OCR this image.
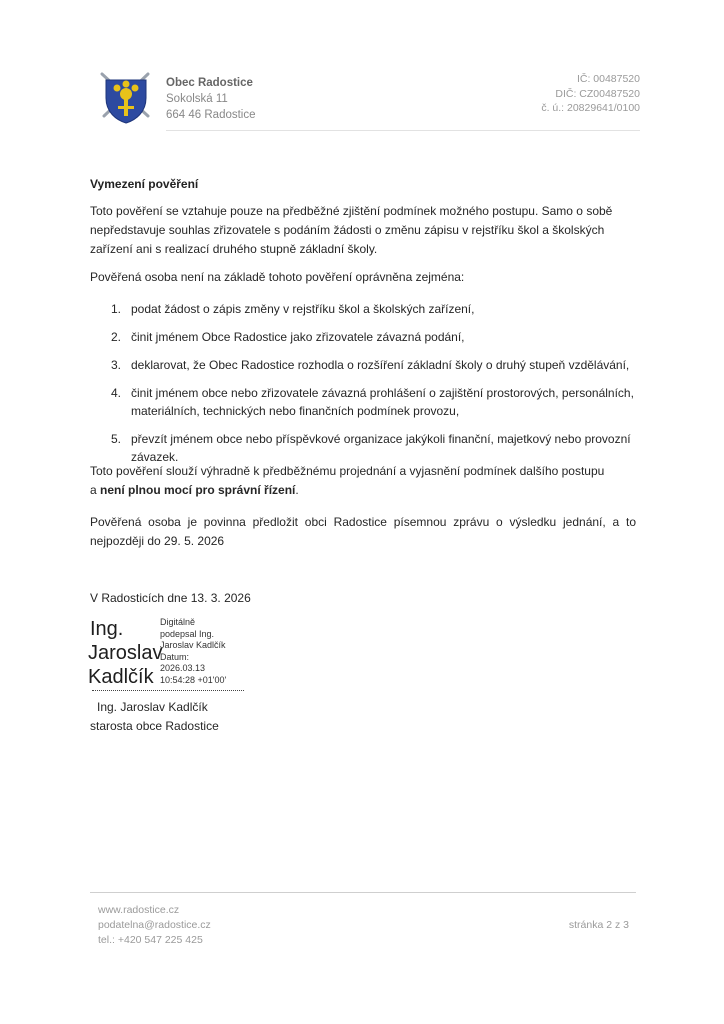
Obec Radostice
Sokolská 11
664 46 Radostice
IČ: 00487520
DIČ: CZ00487520
č. ú.: 20829641/0100
Vymezení pověření
Toto pověření se vztahuje pouze na předběžné zjištění podmínek možného postupu. Samo o sobě nepředstavuje souhlas zřizovatele s podáním žádosti o změnu zápisu v rejstříku škol a školských zařízení ani s realizací druhého stupně základní školy.
Pověřená osoba není na základě tohoto pověření oprávněna zejména:
1. podat žádost o zápis změny v rejstříku škol a školských zařízení,
2. činit jménem Obce Radostice jako zřizovatele závazná podání,
3. deklarovat, že Obec Radostice rozhodla o rozšíření základní školy o druhý stupeň vzdělávání,
4. činit jménem obce nebo zřizovatele závazná prohlášení o zajištění prostorových, personálních, materiálních, technických nebo finančních podmínek provozu,
5. převzít jménem obce nebo příspěvkové organizace jakýkoli finanční, majetkový nebo provozní závazek.
Toto pověření slouží výhradně k předběžnému projednání a vyjasnění podmínek dalšího postupu
a není plnou mocí pro správní řízení.
Pověřená osoba je povinna předložit obci Radostice písemnou zprávu o výsledku jednání, a to nejpozději do 29. 5. 2026
V Radosticích dne 13. 3. 2026
Ing.
Jaroslav
Kadlčík
Digitálně
podepsal Ing.
Jaroslav Kadlčík
Datum:
2026.03.13
10:54:28 +01'00'
Ing. Jaroslav Kadlčík
starosta obce Radostice
www.radostice.cz
podatelna@radostice.cz
tel.: +420 547 225 425
stránka 2 z 3
